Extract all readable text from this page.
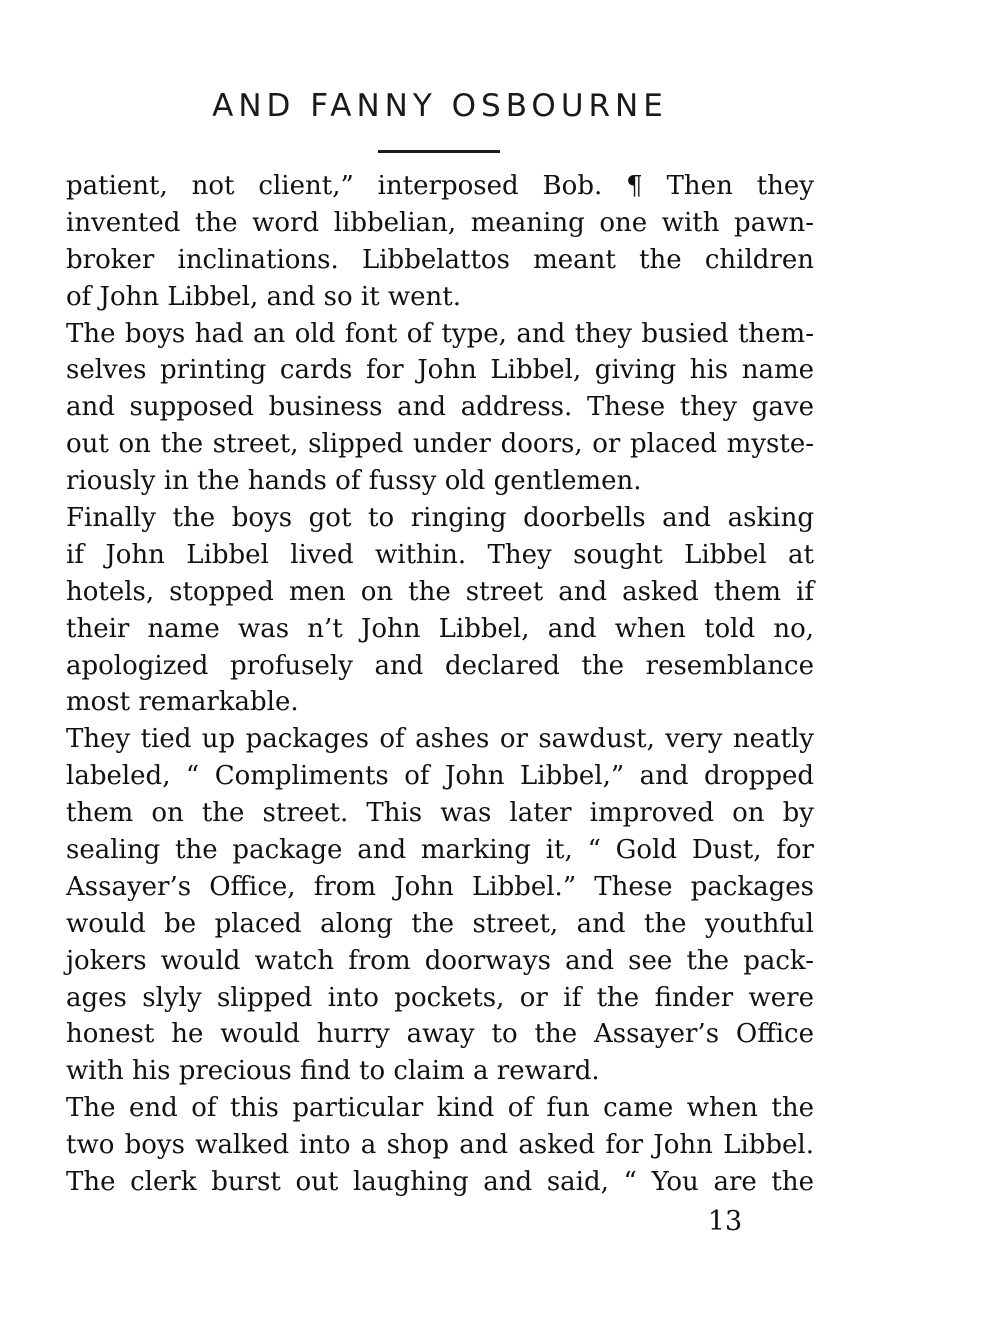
AND FANNY OSBOURNE
patient, not client,” interposed Bob. ¶ Then they
invented the word libbelian, meaning one with pawn-
broker inclinations. Libbelattos meant the children
of John Libbel, and so it went.
The boys had an old font of type, and they busied them-
selves printing cards for John Libbel, giving his name
and supposed business and address. These they gave
out on the street, slipped under doors, or placed myste-
riously in the hands of fussy old gentlemen.
Finally the boys got to ringing doorbells and asking
if John Libbel lived within. They sought Libbel at
hotels, stopped men on the street and asked them if
their name was n’t John Libbel, and when told no,
apologized profusely and declared the resemblance
most remarkable.
They tied up packages of ashes or sawdust, very neatly
labeled, “ Compliments of John Libbel,” and dropped
them on the street. This was later improved on by
sealing the package and marking it, “ Gold Dust, for
Assayer’s Office, from John Libbel.” These packages
would be placed along the street, and the youthful
jokers would watch from doorways and see the pack-
ages slyly slipped into pockets, or if the finder were
honest he would hurry away to the Assayer’s Office
with his precious find to claim a reward.
The end of this particular kind of fun came when the
two boys walked into a shop and asked for John Libbel.
The clerk burst out laughing and said, “ You are the
13
